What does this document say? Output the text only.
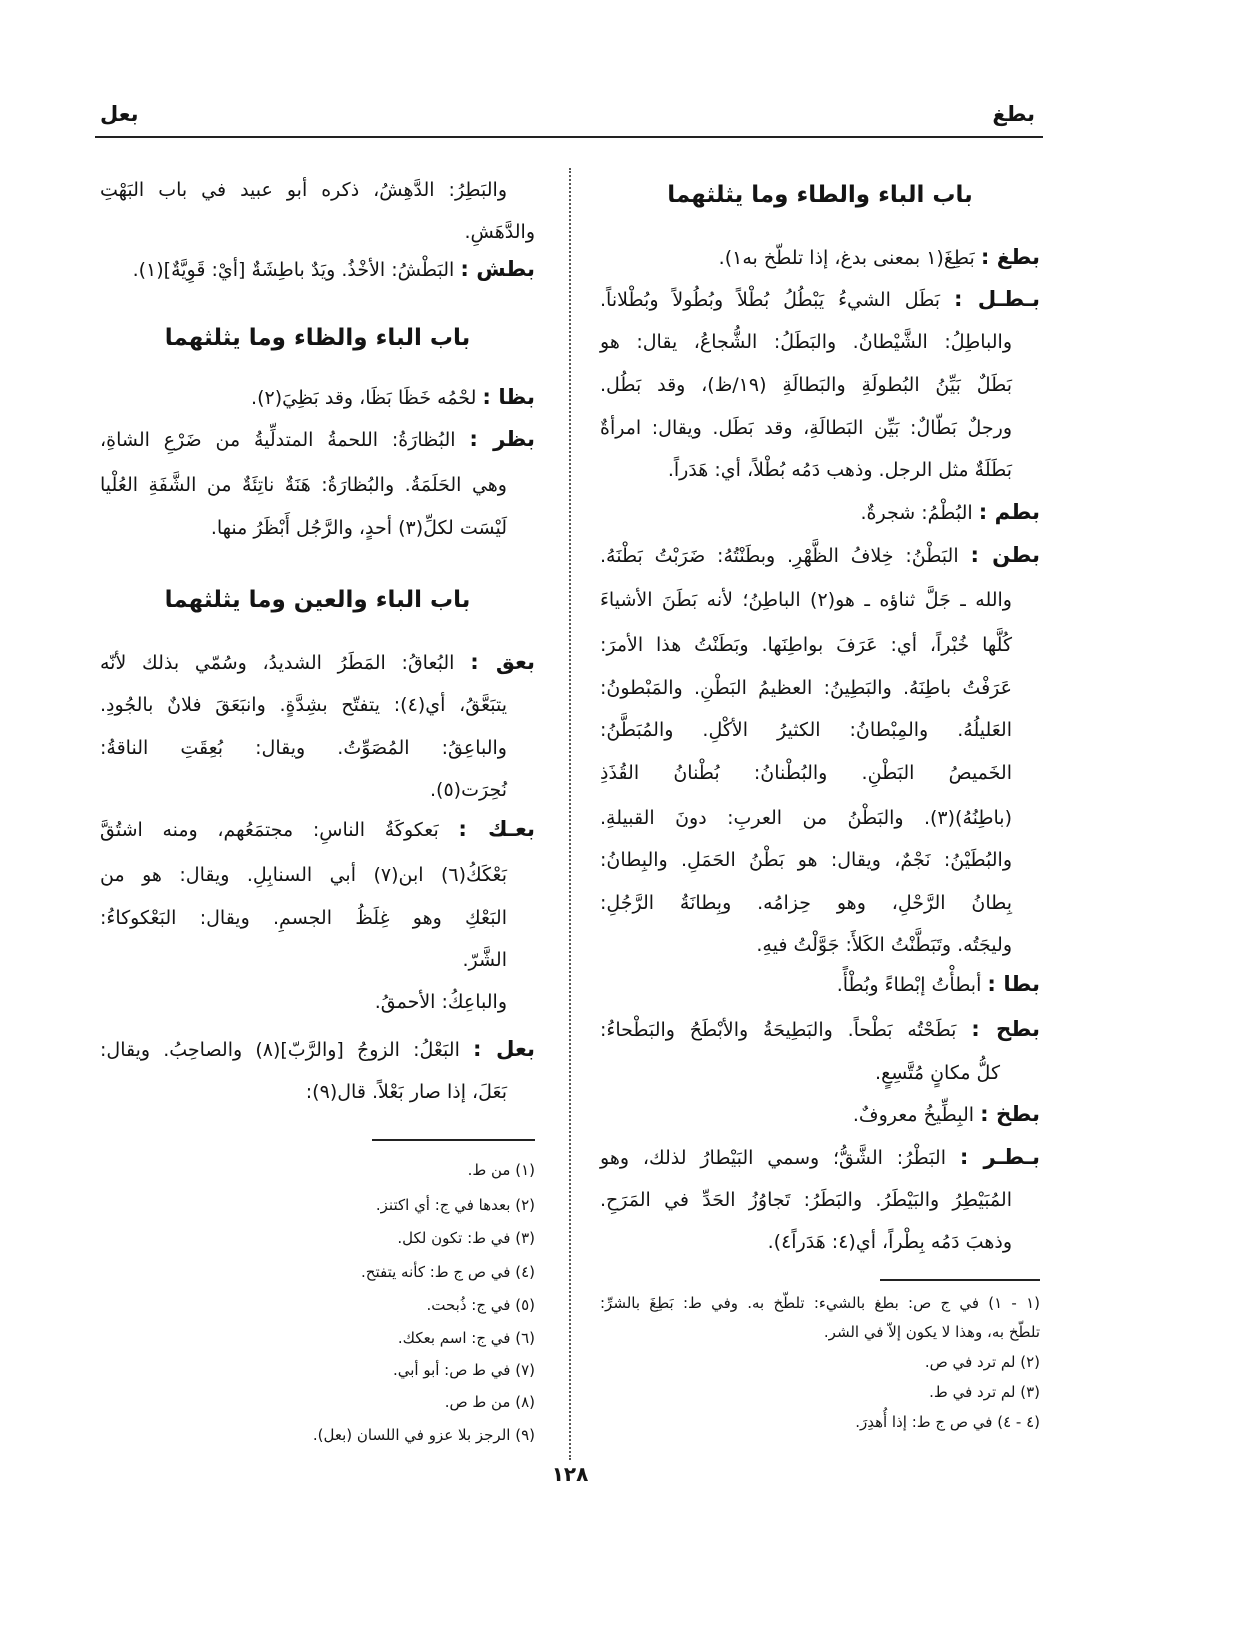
بطغ
بعل
باب الباء والطاء وما يثلثهما
بطغ : بَطِغَ(١ بمعنى بدغ، إذا تلطّخ به١).
بـطـل : بَطَل الشيءُ يَبْطُلُ بُطْلاً وبُطُولاً وبُطْلاناً.
والباطِلُ: الشَّيْطانُ. والبَطَلُ: الشُّجاعُ، يقال: هو
بَطَلٌ بَيِّنُ البُطولَةِ والبَطالَةِ (١٩/ظ)، وقد بَطُل.
ورجلٌ بَطّالٌ: بَيِّن البَطالَةِ، وقد بَطَل. ويقال: امرأةٌ
بَطَلَةٌ مثل الرجل. وذهب دَمُه بُطْلاً، أي: هَدَراً.
بطم : البُطْمُ: شجرةٌ.
بطن : البَطْنُ: خِلافُ الظَّهْرِ. وبطَنْتُهُ: ضَرَبْتُ بَطْنَهُ.
والله ـ جَلَّ ثناؤه ـ هو(٢) الباطِنُ؛ لأنه بَطَنَ الأشياءَ
كُلَّها خُبْراً، أي: عَرَفَ بواطِنَها. وبَطَنْتُ هذا الأمرَ:
عَرَفْتُ باطِنَهُ. والبَطِينُ: العظيمُ البَطْنِ. والمَبْطونُ:
العَليلُهُ. والمِبْطانُ: الكثيرُ الأكْلِ. والمُبَطَّنُ:
الخَميصُ البَطْنِ. والبُطْنانُ: بُطْنانُ القُذَذِ
(باطِنُهُ)(٣). والبَطْنُ من العربِ: دونَ القبيلةِ.
والبُطَيْنُ: نَجْمٌ، ويقال: هو بَطْنُ الحَمَلِ. والبِطانُ:
بِطانُ الرَّحْلِ، وهو حِزامُه. وبِطانَةُ الرَّجُلِ:
وليجَتُه. وتَبَطَّنْتُ الكَلأَ: جَوَّلْتُ فيهِ.
بطا : أبطأْتُ إبْطاءً وبُطْأً.
بطح : بَطَحْتُه بَطْحاً. والبَطِيحَةُ والأبْطَحُ والبَطْحاءُ:
كلُّ مكانٍ مُتَّسِعٍ.
بطخ : البِطِّيخُ معروفٌ.
بـطـر : البَطْرُ: الشَّقُّ؛ وسمي البَيْطارُ لذلك، وهو
المُبَيْطِرُ والبَيْطَرُ. والبَطَرُ: تَجاوُزُ الحَدِّ في المَرَحِ.
وذهبَ دَمُه بِطْراً، أي(٤: هَدَراً٤).
(١ - ١) في ج ص: بطغ بالشيء: تلطّخ به. وفي ط: بَطِغَ بالشرِّ:
تلطّخ به، وهذا لا يكون إلاّ في الشر.
(٢) لم ترد في ص.
(٣) لم ترد في ط.
(٤ - ٤) في ص ج ط: إذا أُهدِرَ.
والبَطِرُ: الدَّهِشُ، ذكره أبو عبيد في باب البَهْتِ
والدَّهَشِ.
بطش : البَطْشُ: الأخْذُ. ويَدٌ باطِشَةٌ [أيْ: قَوِيَّةٌ](١).
باب الباء والظاء وما يثلثهما
بظا : لحْمُه خَظَا بَظَا، وقد بَظِيَ(٢).
بظر : البُظارَةُ: اللحمةُ المتدلِّيةُ من ضَرْعِ الشاةِ،
وهي الحَلَمَةُ. والبُظارَةُ: هَنَةٌ ناتِئَةٌ من الشَّفَةِ العُلْيا
لَيْسَت لكلِّ(٣) أحدٍ، والرَّجُل أَبْظَرُ منها.
باب الباء والعين وما يثلثهما
بعق : البُعاقُ: المَطَرُ الشديدُ، وسُمّي بذلك لأنّه
يتبَعَّقُ، أي(٤): يتفتّح بشِدَّةٍ. وانبَعَقَ فلانٌ بالجُودِ.
والباعِقُ: المُصَوِّتُ. ويقال: بُعِقَتِ الناقةُ:
نُحِرَت(٥).
بعـك : بَعكوكَةُ الناسِ: مجتمَعُهم، ومنه اشتُقَّ
بَعْكَكُ(٦) ابن(٧) أبي السنابِلِ. ويقال: هو من
البَعْكِ وهو غِلَظُ الجسمِ. ويقال: البَعْكوكاءُ:
الشَّرّ.
والباعِكُ: الأحمقُ.
بعل : البَعْلُ: الزوجُ [والرَّبّ](٨) والصاحِبُ. ويقال:
بَعَلَ، إذا صار بَعْلاً. قال(٩):
(١) من ط.
(٢) بعدها في ج: أي اكتنز.
(٣) في ط: تكون لكل.
(٤) في ص ج ط: كأنه يتفتح.
(٥) في ج: ذُبحت.
(٦) في ج: اسم بعكك.
(٧) في ط ص: أبو أبي.
(٨) من ط ص.
(٩) الرجز بلا عزو في اللسان (بعل).
١٢٨
